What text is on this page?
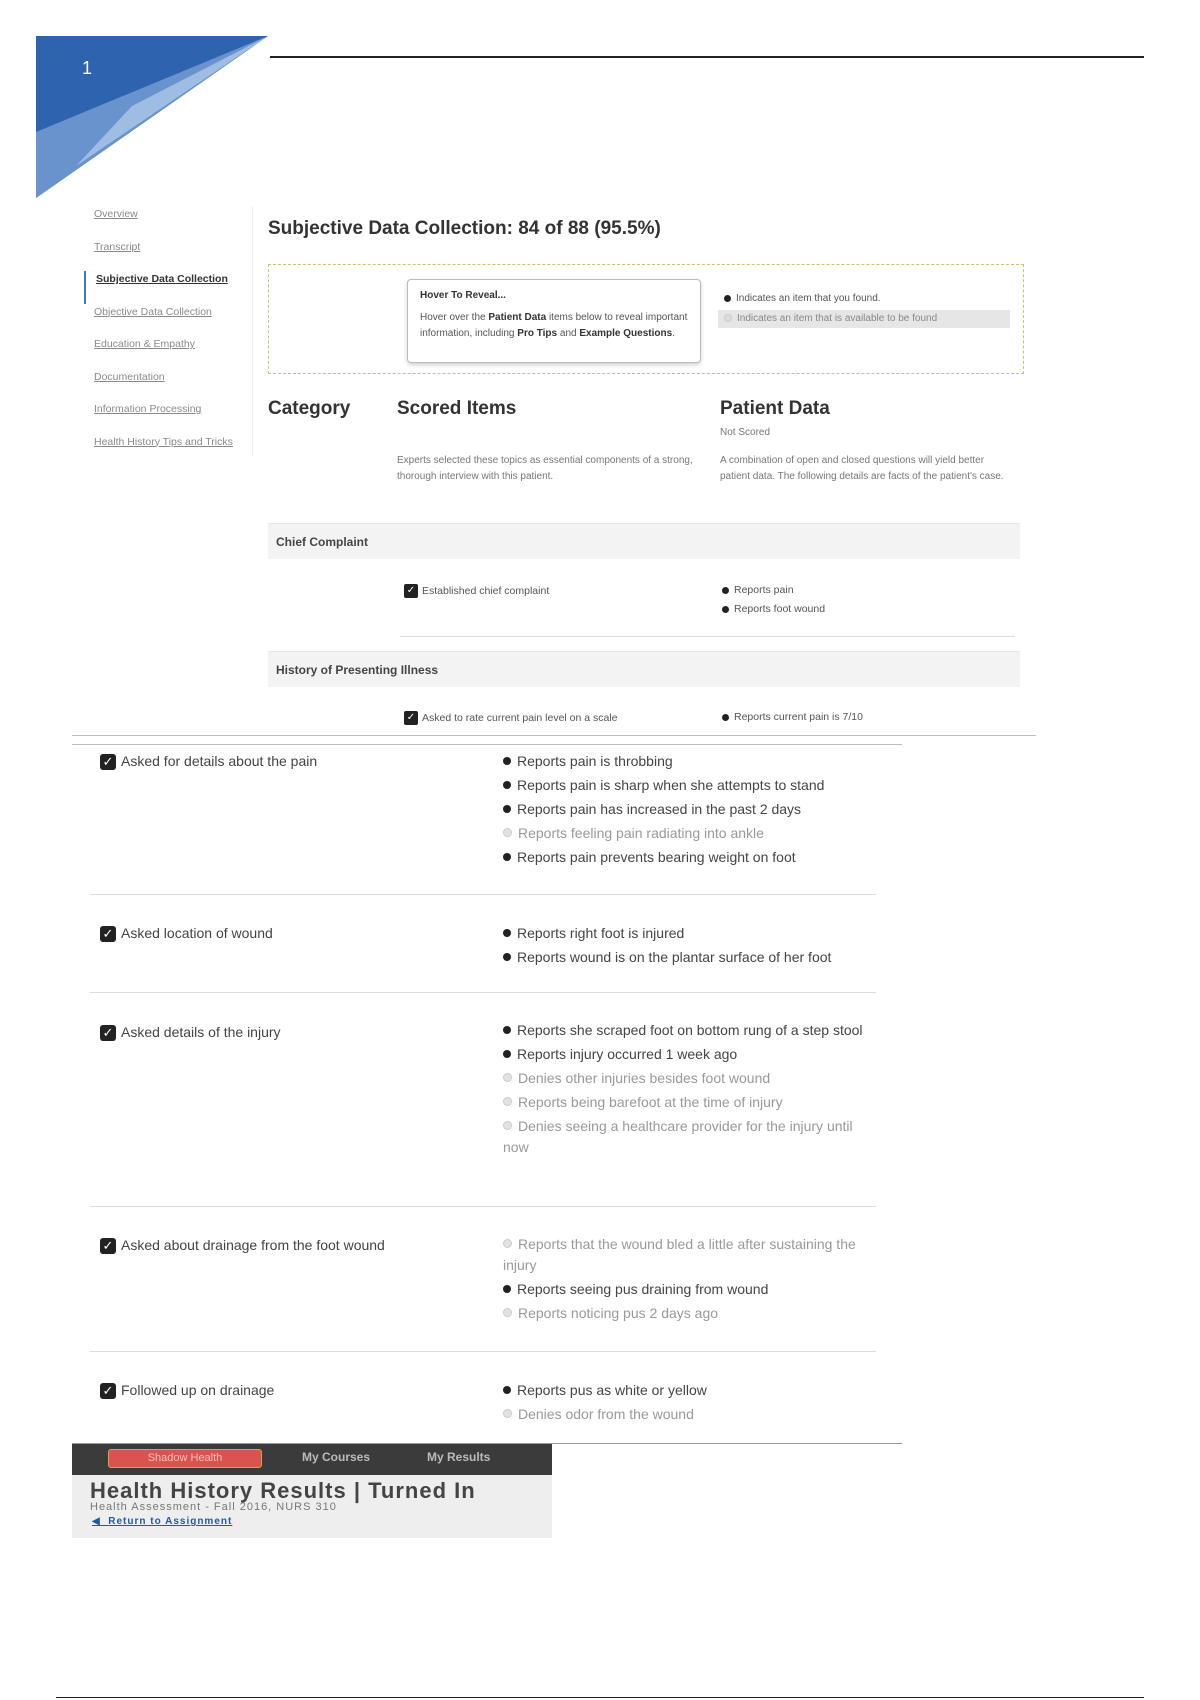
1
Overview
Transcript
Subjective Data Collection
Objective Data Collection
Education & Empathy
Documentation
Information Processing
Health History Tips and Tricks
Subjective Data Collection: 84 of 88 (95.5%)
Hover To Reveal...
Hover over the Patient Data items below to reveal important information, including Pro Tips and Example Questions.
Indicates an item that you found.
Indicates an item that is available to be found
Category Scored Items	Patient Data
Not Scored
Experts selected these topics as essential components of a strong, thorough interview with this patient.
A combination of open and closed questions will yield better patient data. The following details are facts of the patient's case.
Chief Complaint
✓Established chief complaint	Reports pain
Reports foot wound
History of Presenting Illness
✓Asked to rate current pain level on a scale	Reports current pain is 7/10
✓Asked for details about the pain	Reports pain is throbbing
Reports pain is sharp when she attempts to stand
Reports pain has increased in the past 2 days
Reports feeling pain radiating into ankle
Reports pain prevents bearing weight on foot
✓Asked location of wound	Reports right foot is injured
Reports wound is on the plantar surface of her foot
✓Asked details of the injury	Reports she scraped foot on bottom rung of a step stool
Reports injury occurred 1 week ago
Denies other injuries besides foot wound
Reports being barefoot at the time of injury
Denies seeing a healthcare provider for the injury until now
✓Asked about drainage from the foot wound	Reports that the wound bled a little after sustaining the injury
Reports seeing pus draining from wound
Reports noticing pus 2 days ago
✓Followed up on drainage	Reports pus as white or yellow
Denies odor from the wound
Shadow Health	My Courses	My Results
Health History Results | Turned In
Health Assessment - Fall 2016, NURS 310
◀  Return to Assignment
